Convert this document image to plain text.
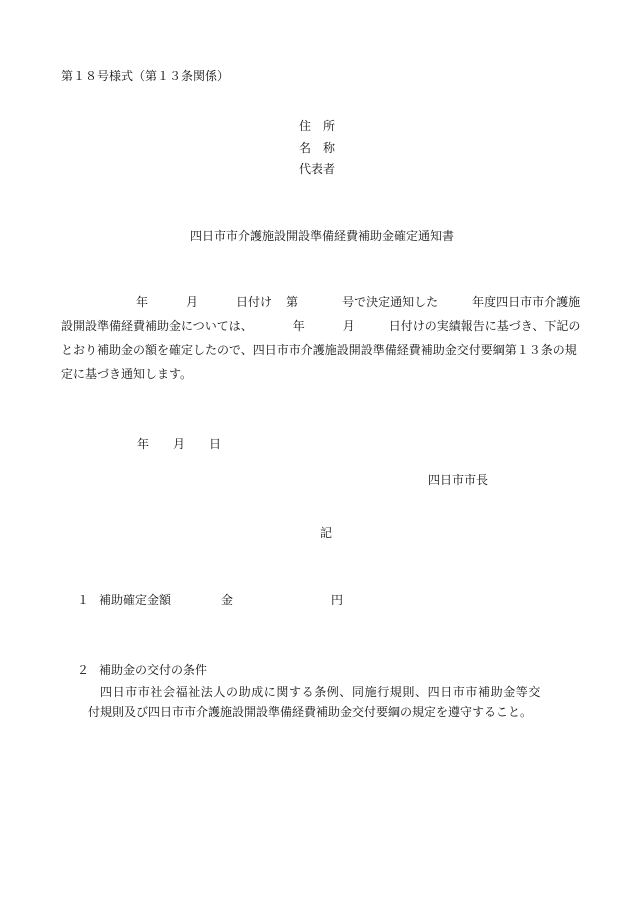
第１８号様式（第１３条関係）
住　所
名　称
代表者
四日市市介護施設開設準備経費補助金確定通知書
年	月	日付け 第	号で決定通知した	年度四日市市介護施
設開設準備経費補助金については、	年	月	日付けの実績報告に基づき、下記の
とおり補助金の額を確定したので、四日市市介護施設開設準備経費補助金交付要綱第１３条の規
定に基づき通知します。
年 月 日
四日市市長
記
１ 補助確定金額	金	円
２ 補助金の交付の条件
四日市市社会福祉法人の助成に関する条例、同施行規則、四日市市補助金等交
付規則及び四日市市介護施設開設準備経費補助金交付要綱の規定を遵守すること。
